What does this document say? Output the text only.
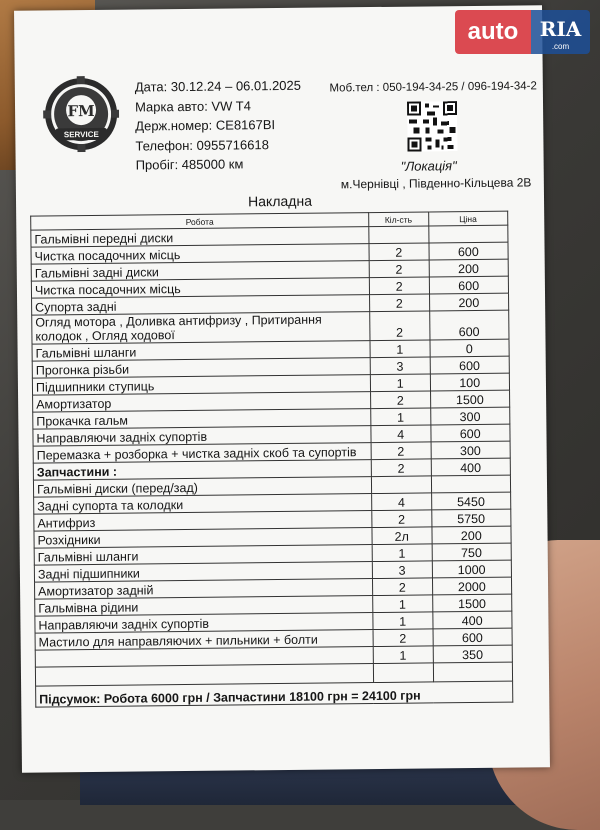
FM
SERVICE
Дата: 30.12.24 – 06.01.2025
Марка авто: VW T4
Держ.номер: CE8167BI
Телефон: 0955716618
Пробіг: 485000 км
Моб.тел : 050-194-34-25 / 096-194-34-2
"Локація"
м.Чернівці , Південно-Кільцева 2В
Накладна
Робота	Кіл-сть	Ціна
Гальмівні передні диски		
Чистка посадочних місць	2	600
Гальмівні задні диски	2	200
Чистка посадочних місць	2	600
Супорта задні	2	200
Огляд мотора , Доливка антифризу , Притирання колодок , Огляд ходової	2	600
Гальмівні шланги	1	0
Прогонка різьби	3	600
Підшипники ступиць	1	100
Амортизатор	2	1500
Прокачка гальм	1	300
Направляючи задніх супортів	4	600
Перемазка + розборка + чистка задніх скоб та супортів	2	300
Запчастини :	2	400
Гальмівні диски (перед/зад)		
Задні супорта та колодки	4	5450
Антифриз	2	5750
Розхідники	2л	200
Гальмівні шланги	1	750
Задні підшипники	3	1000
Амортизатор задній	2	2000
Гальмівна рідини	1	1500
Направляючи задніх супортів	1	400
Мастило для направляючих + пильники + болти	2	600
	1	350

Підсумок: Робота 6000 грн / Запчастини 18100 грн = 24100 грн		
auto	RIA
.com
